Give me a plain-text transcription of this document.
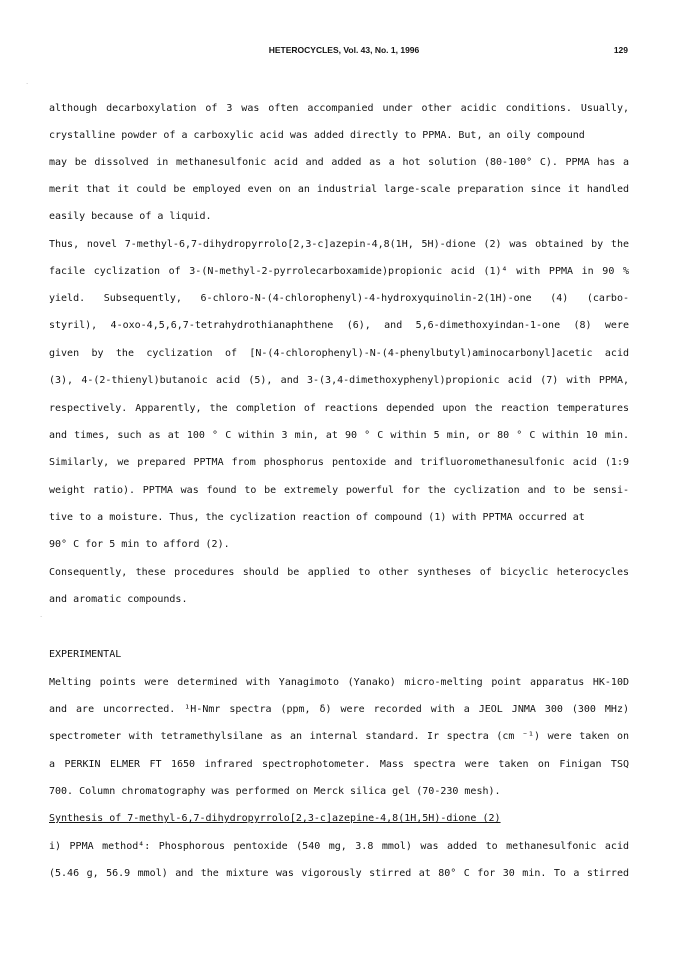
HETEROCYCLES, Vol. 43, No. 1, 1996	129
·
·
although decarboxylation of 3 was often accompanied under other acidic conditions. Usually,
crystalline powder of a carboxylic acid was added directly to PPMA. But, an oily compound
may be dissolved in methanesulfonic acid and added as a hot solution (80-100° C). PPMA has a
merit that it could be employed even on an industrial large-scale preparation since it handled
easily because of a liquid.
Thus, novel 7-methyl-6,7-dihydropyrrolo[2,3-c]azepin-4,8(1H, 5H)-dione (2) was obtained by the
facile cyclization of 3-(N-methyl-2-pyrrolecarboxamide)propionic acid (1)⁴ with PPMA in 90 %
yield. Subsequently, 6-chloro-N-(4-chlorophenyl)-4-hydroxyquinolin-2(1H)-one (4) (carbo-
styril), 4-oxo-4,5,6,7-tetrahydrothianaphthene (6), and 5,6-dimethoxyindan-1-one (8) were
given by the cyclization of [N-(4-chlorophenyl)-N-(4-phenylbutyl)aminocarbonyl]acetic acid
(3), 4-(2-thienyl)butanoic acid (5), and 3-(3,4-dimethoxyphenyl)propionic acid (7) with PPMA,
respectively. Apparently, the completion of reactions depended upon the reaction temperatures
and times, such as at 100 ° C within 3 min, at 90 ° C within 5 min, or 80 ° C within 10 min.
Similarly, we prepared PPTMA from phosphorus pentoxide and trifluoromethanesulfonic acid (1:9
weight ratio). PPTMA was found to be extremely powerful for the cyclization and to be sensi-
tive to a moisture. Thus, the cyclization reaction of compound (1) with PPTMA occurred at
90° C for 5 min to afford (2).
Consequently, these procedures should be applied to other syntheses of bicyclic heterocycles
and aromatic compounds.
EXPERIMENTAL
Melting points were determined with Yanagimoto (Yanako) micro-melting point apparatus HK-10D
and are uncorrected. ¹H-Nmr spectra (ppm, δ) were recorded with a JEOL JNMA 300 (300 MHz)
spectrometer with tetramethylsilane as an internal standard. Ir spectra (cm ⁻¹) were taken on
a PERKIN ELMER FT 1650 infrared spectrophotometer. Mass spectra were taken on Finigan TSQ
700. Column chromatography was performed on Merck silica gel (70-230 mesh).
Synthesis of 7-methyl-6,7-dihydropyrrolo[2,3-c]azepine-4,8(1H,5H)-dione (2)
i) PPMA method⁴: Phosphorous pentoxide (540 mg, 3.8 mmol) was added to methanesulfonic acid
(5.46 g, 56.9 mmol) and the mixture was vigorously stirred at 80° C for 30 min. To a stirred
